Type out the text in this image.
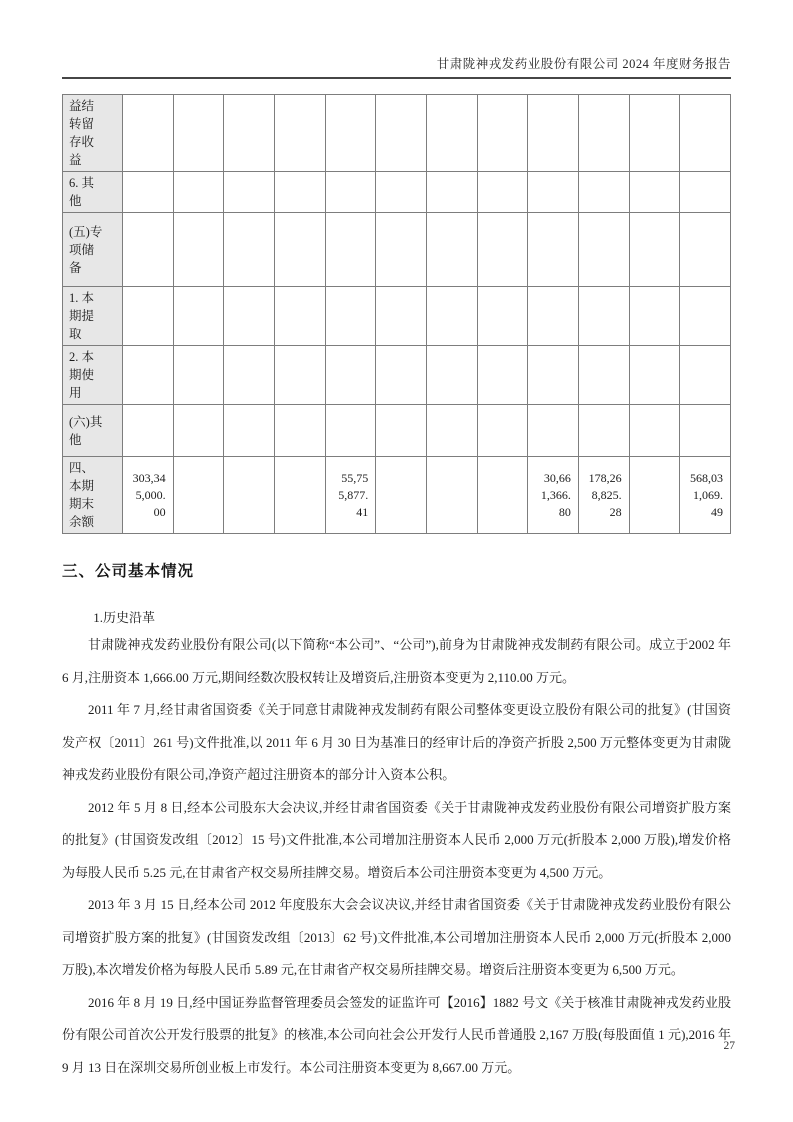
甘肃陇神戎发药业股份有限公司 2024 年度财务报告
益结转留存收益												
6. 其他												
(五)专项储备												
1. 本期提取												
2. 本期使用												
(六)其他												
四、本期期末余额	303,345,000.00				55,755,877.41				30,661,366.80	178,268,825.28		568,031,069.49
三、公司基本情况
1.历史沿革

甘肃陇神戎发药业股份有限公司(以下简称“本公司”、“公司”),前身为甘肃陇神戎发制药有限公司。成立于2002 年 6 月,注册资本 1,666.00 万元,期间经数次股权转让及增资后,注册资本变更为 2,110.00 万元。

2011 年 7 月,经甘肃省国资委《关于同意甘肃陇神戎发制药有限公司整体变更设立股份有限公司的批复》(甘国资发产权〔2011〕261 号)文件批准,以 2011 年 6 月 30 日为基准日的经审计后的净资产折股 2,500 万元整体变更为甘肃陇神戎发药业股份有限公司,净资产超过注册资本的部分计入资本公积。

2012 年 5 月 8 日,经本公司股东大会决议,并经甘肃省国资委《关于甘肃陇神戎发药业股份有限公司增资扩股方案的批复》(甘国资发改组〔2012〕15 号)文件批准,本公司增加注册资本人民币 2,000 万元(折股本 2,000 万股),增发价格为每股人民币 5.25 元,在甘肃省产权交易所挂牌交易。增资后本公司注册资本变更为 4,500 万元。

2013 年 3 月 15 日,经本公司 2012 年度股东大会会议决议,并经甘肃省国资委《关于甘肃陇神戎发药业股份有限公司增资扩股方案的批复》(甘国资发改组〔2013〕62 号)文件批准,本公司增加注册资本人民币 2,000 万元(折股本 2,000 万股),本次增发价格为每股人民币 5.89 元,在甘肃省产权交易所挂牌交易。增资后注册资本变更为 6,500 万元。

2016 年 8 月 19 日,经中国证券监督管理委员会签发的证监许可【2016】1882 号文《关于核准甘肃陇神戎发药业股份有限公司首次公开发行股票的批复》的核准,本公司向社会公开发行人民币普通股 2,167 万股(每股面值 1 元),2016 年 9 月 13 日在深圳交易所创业板上市发行。本公司注册资本变更为 8,667.00 万元。

27
